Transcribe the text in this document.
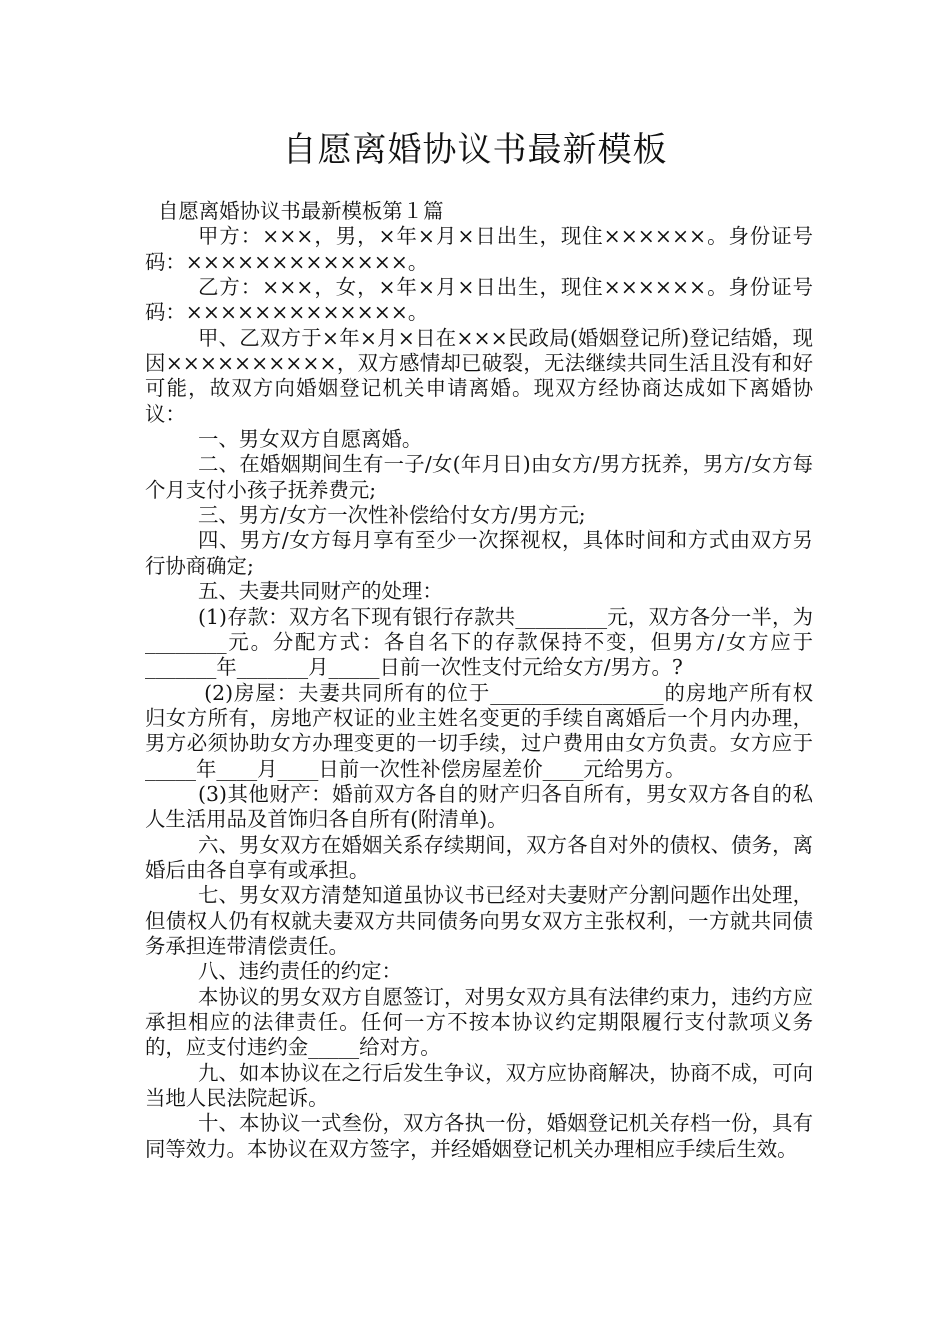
自愿离婚协议书最新模板

自愿离婚协议书最新模板第１篇

甲方：×××，男，×年×月×日出生，现住××××××。身份证号码：×××××××××××××。

乙方：×××，女，×年×月×日出生，现住××××××。身份证号码：×××××××××××××。

甲、乙双方于×年×月×日在×××民政局(婚姻登记所)登记结婚，现因××××××××××，双方感情却已破裂，无法继续共同生活且没有和好可能，故双方向婚姻登记机关申请离婚。现双方经协商达成如下离婚协议：

一、男女双方自愿离婚。

二、在婚姻期间生有一子/女(年月日)由女方/男方抚养，男方/女方每个月支付小孩子抚养费元;

三、男方/女方一次性补偿给付女方/男方元;

四、男方/女方每月享有至少一次探视权，具体时间和方式由双方另行协商确定;

五、夫妻共同财产的处理：

(1)存款：双方名下现有银行存款共_________元，双方各分一半，为________元。分配方式：各自名下的存款保持不变，但男方/女方应于_______年_______月_____日前一次性支付元给女方/男方。?

(2)房屋：夫妻共同所有的位于_________________的房地产所有权归女方所有，房地产权证的业主姓名变更的手续自离婚后一个月内办理，男方必须协助女方办理变更的一切手续，过户费用由女方负责。女方应于_____年____月____日前一次性补偿房屋差价____元给男方。

(3)其他财产：婚前双方各自的财产归各自所有，男女双方各自的私人生活用品及首饰归各自所有(附清单)。

六、男女双方在婚姻关系存续期间，双方各自对外的债权、债务，离婚后由各自享有或承担。

七、男女双方清楚知道虽协议书已经对夫妻财产分割问题作出处理，但债权人仍有权就夫妻双方共同债务向男女双方主张权利，一方就共同债务承担连带清偿责任。

八、违约责任的约定：

本协议的男女双方自愿签订，对男女双方具有法律约束力，违约方应承担相应的法律责任。任何一方不按本协议约定期限履行支付款项义务的，应支付违约金_____给对方。

九、如本协议在之行后发生争议，双方应协商解决，协商不成，可向当地人民法院起诉。

十、本协议一式叁份，双方各执一份，婚姻登记机关存档一份，具有同等效力。本协议在双方签字，并经婚姻登记机关办理相应手续后生效。
